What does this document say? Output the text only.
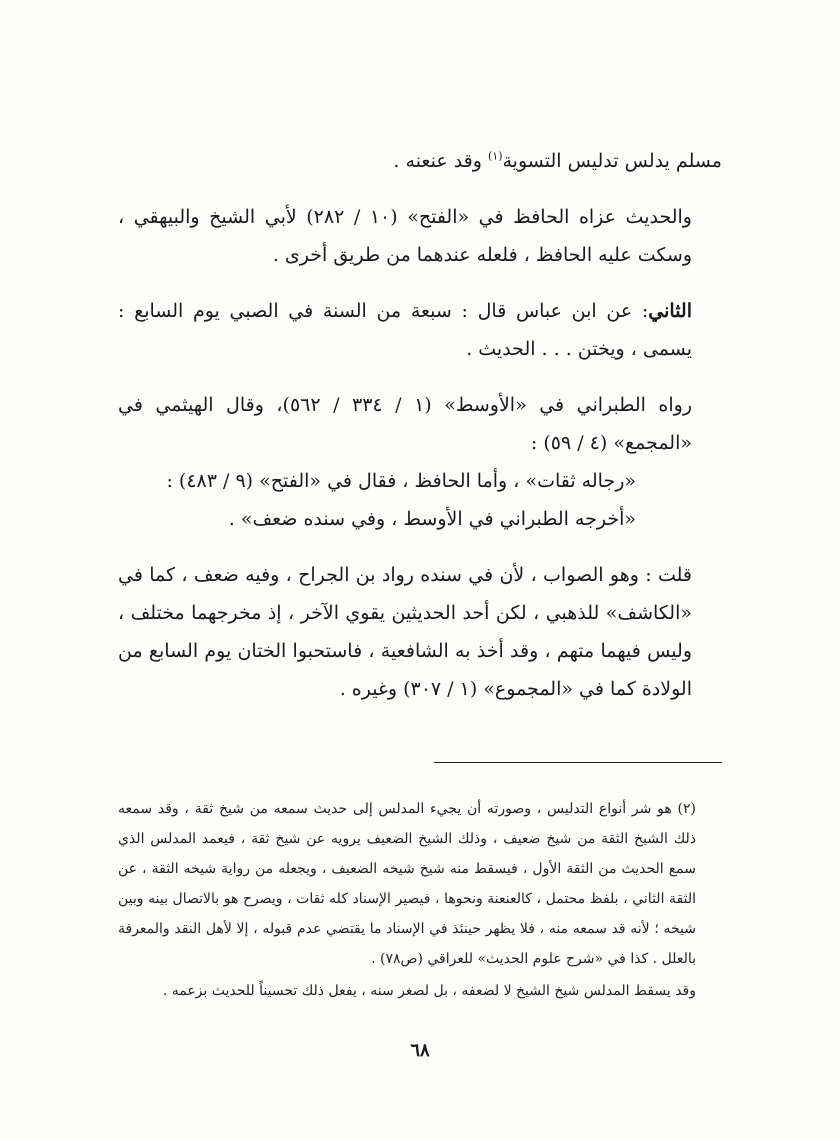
مسلم يدلس تدليس التسوية$^{(١)}$ وقد عنعنه .

والحديث عزاه الحافظ في «الفتح» (١٠ / ٢٨٢) لأبي الشيخ والبيهقي ، وسكت عليه الحافظ ، فلعله عندهما من طريق أخرى .

الثاني: عن ابن عباس قال : سبعة من السنة في الصبي يوم السابع : يسمى ، ويختن . . . الحديث .

رواه الطبراني في «الأوسط» (١ / ٣٣٤ / ٥٦٢)، وقال الهيثمي في «المجمع» (٤ / ٥٩) :

«رجاله ثقات» ، وأما الحافظ ، فقال في «الفتح» (٩ / ٤٨٣) :

«أخرجه الطبراني في الأوسط ، وفي سنده ضعف» .

قلت : وهو الصواب ، لأن في سنده رواد بن الجراح ، وفيه ضعف ، كما في «الكاشف» للذهبي ، لكن أحد الحديثين يقوي الآخر ، إذ مخرجهما مختلف ، وليس فيهما متهم ، وقد أخذ به الشافعية ، فاستحبوا الختان يوم السابع من الولادة كما في «المجموع» (١ / ٣٠٧) وغيره .

(٢) هو شر أنواع التدليس ، وصورته أن يجيء المدلس إلى حديث سمعه من شيخ ثقة ، وقد سمعه ذلك الشيخ الثقة من شيخ ضعيف ، وذلك الشيخ الضعيف يرويه عن شيخ ثقة ، فيعمد المدلس الذي سمع الحديث من الثقة الأول ، فيسقط منه شيخ شيخه الضعيف ، ويجعله من رواية شيخه الثقة ، عن الثقة الثاني ، بلفظ محتمل ، كالعنعنة ونحوها ، فيصير الإسناد كله ثقات ، ويصرح هو بالاتصال بينه وبين شيخه ؛ لأنه قد سمعه منه ، فلا يظهر حينئذ في الإسناد ما يقتضي عدم قبوله ، إلا لأهل النقد والمعرفة بالعلل . كذا في «شرح علوم الحديث» للعراقي (ص٧٨) .

وقد يسقط المدلس شيخ الشيخ لا لضعفه ، بل لصغر سنه ، يفعل ذلك تحسيناً للحديث بزعمه .

٦٨
